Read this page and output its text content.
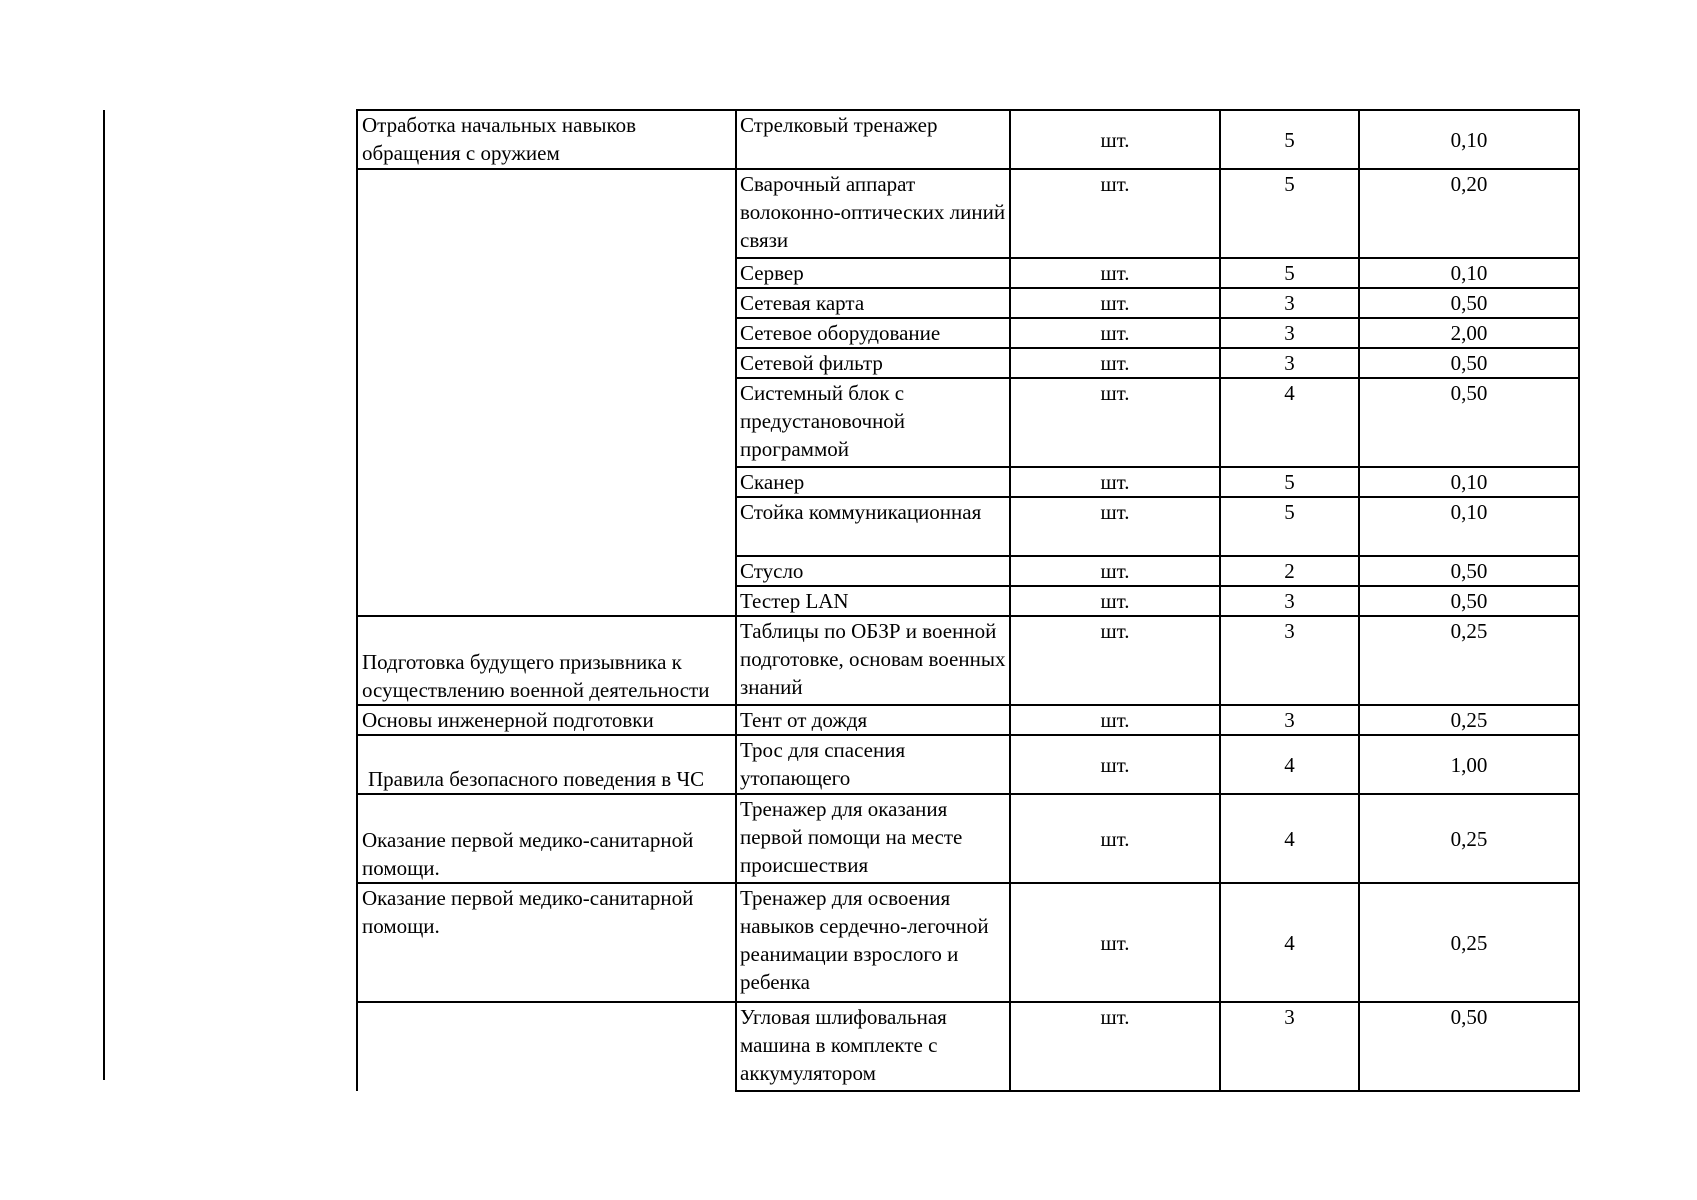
Отработка начальных навыков обращения с оружием	Стрелковый тренажер	шт.	5	0,10
	Сварочный аппарат волоконно-оптических линий связи	шт.	5	0,20
	Сервер	шт.	5	0,10
	Сетевая карта	шт.	3	0,50
	Сетевое оборудование	шт.	3	2,00
	Сетевой фильтр	шт.	3	0,50
	Системный блок с предустановочной программой	шт.	4	0,50
	Сканер	шт.	5	0,10
	Стойка коммуникационная	шт.	5	0,10
	Стусло	шт.	2	0,50
	Тестер LAN	шт.	3	0,50
Подготовка будущего призывника к осуществлению военной деятельности	Таблицы по ОБЗР и военной подготовке, основам военных знаний	шт.	3	0,25
Основы инженерной подготовки	Тент от дождя	шт.	3	0,25
Правила безопасного поведения в ЧС	Трос для спасения утопающего	шт.	4	1,00
Оказание первой медико-санитарной помощи.	Тренажер для оказания первой помощи на месте происшествия	шт.	4	0,25
Оказание первой медико-санитарной помощи.	Тренажер для освоения навыков сердечно-легочной реанимации взрослого и ребенка	шт.	4	0,25
	Угловая шлифовальная машина в комплекте с аккумулятором	шт.	3	0,50
